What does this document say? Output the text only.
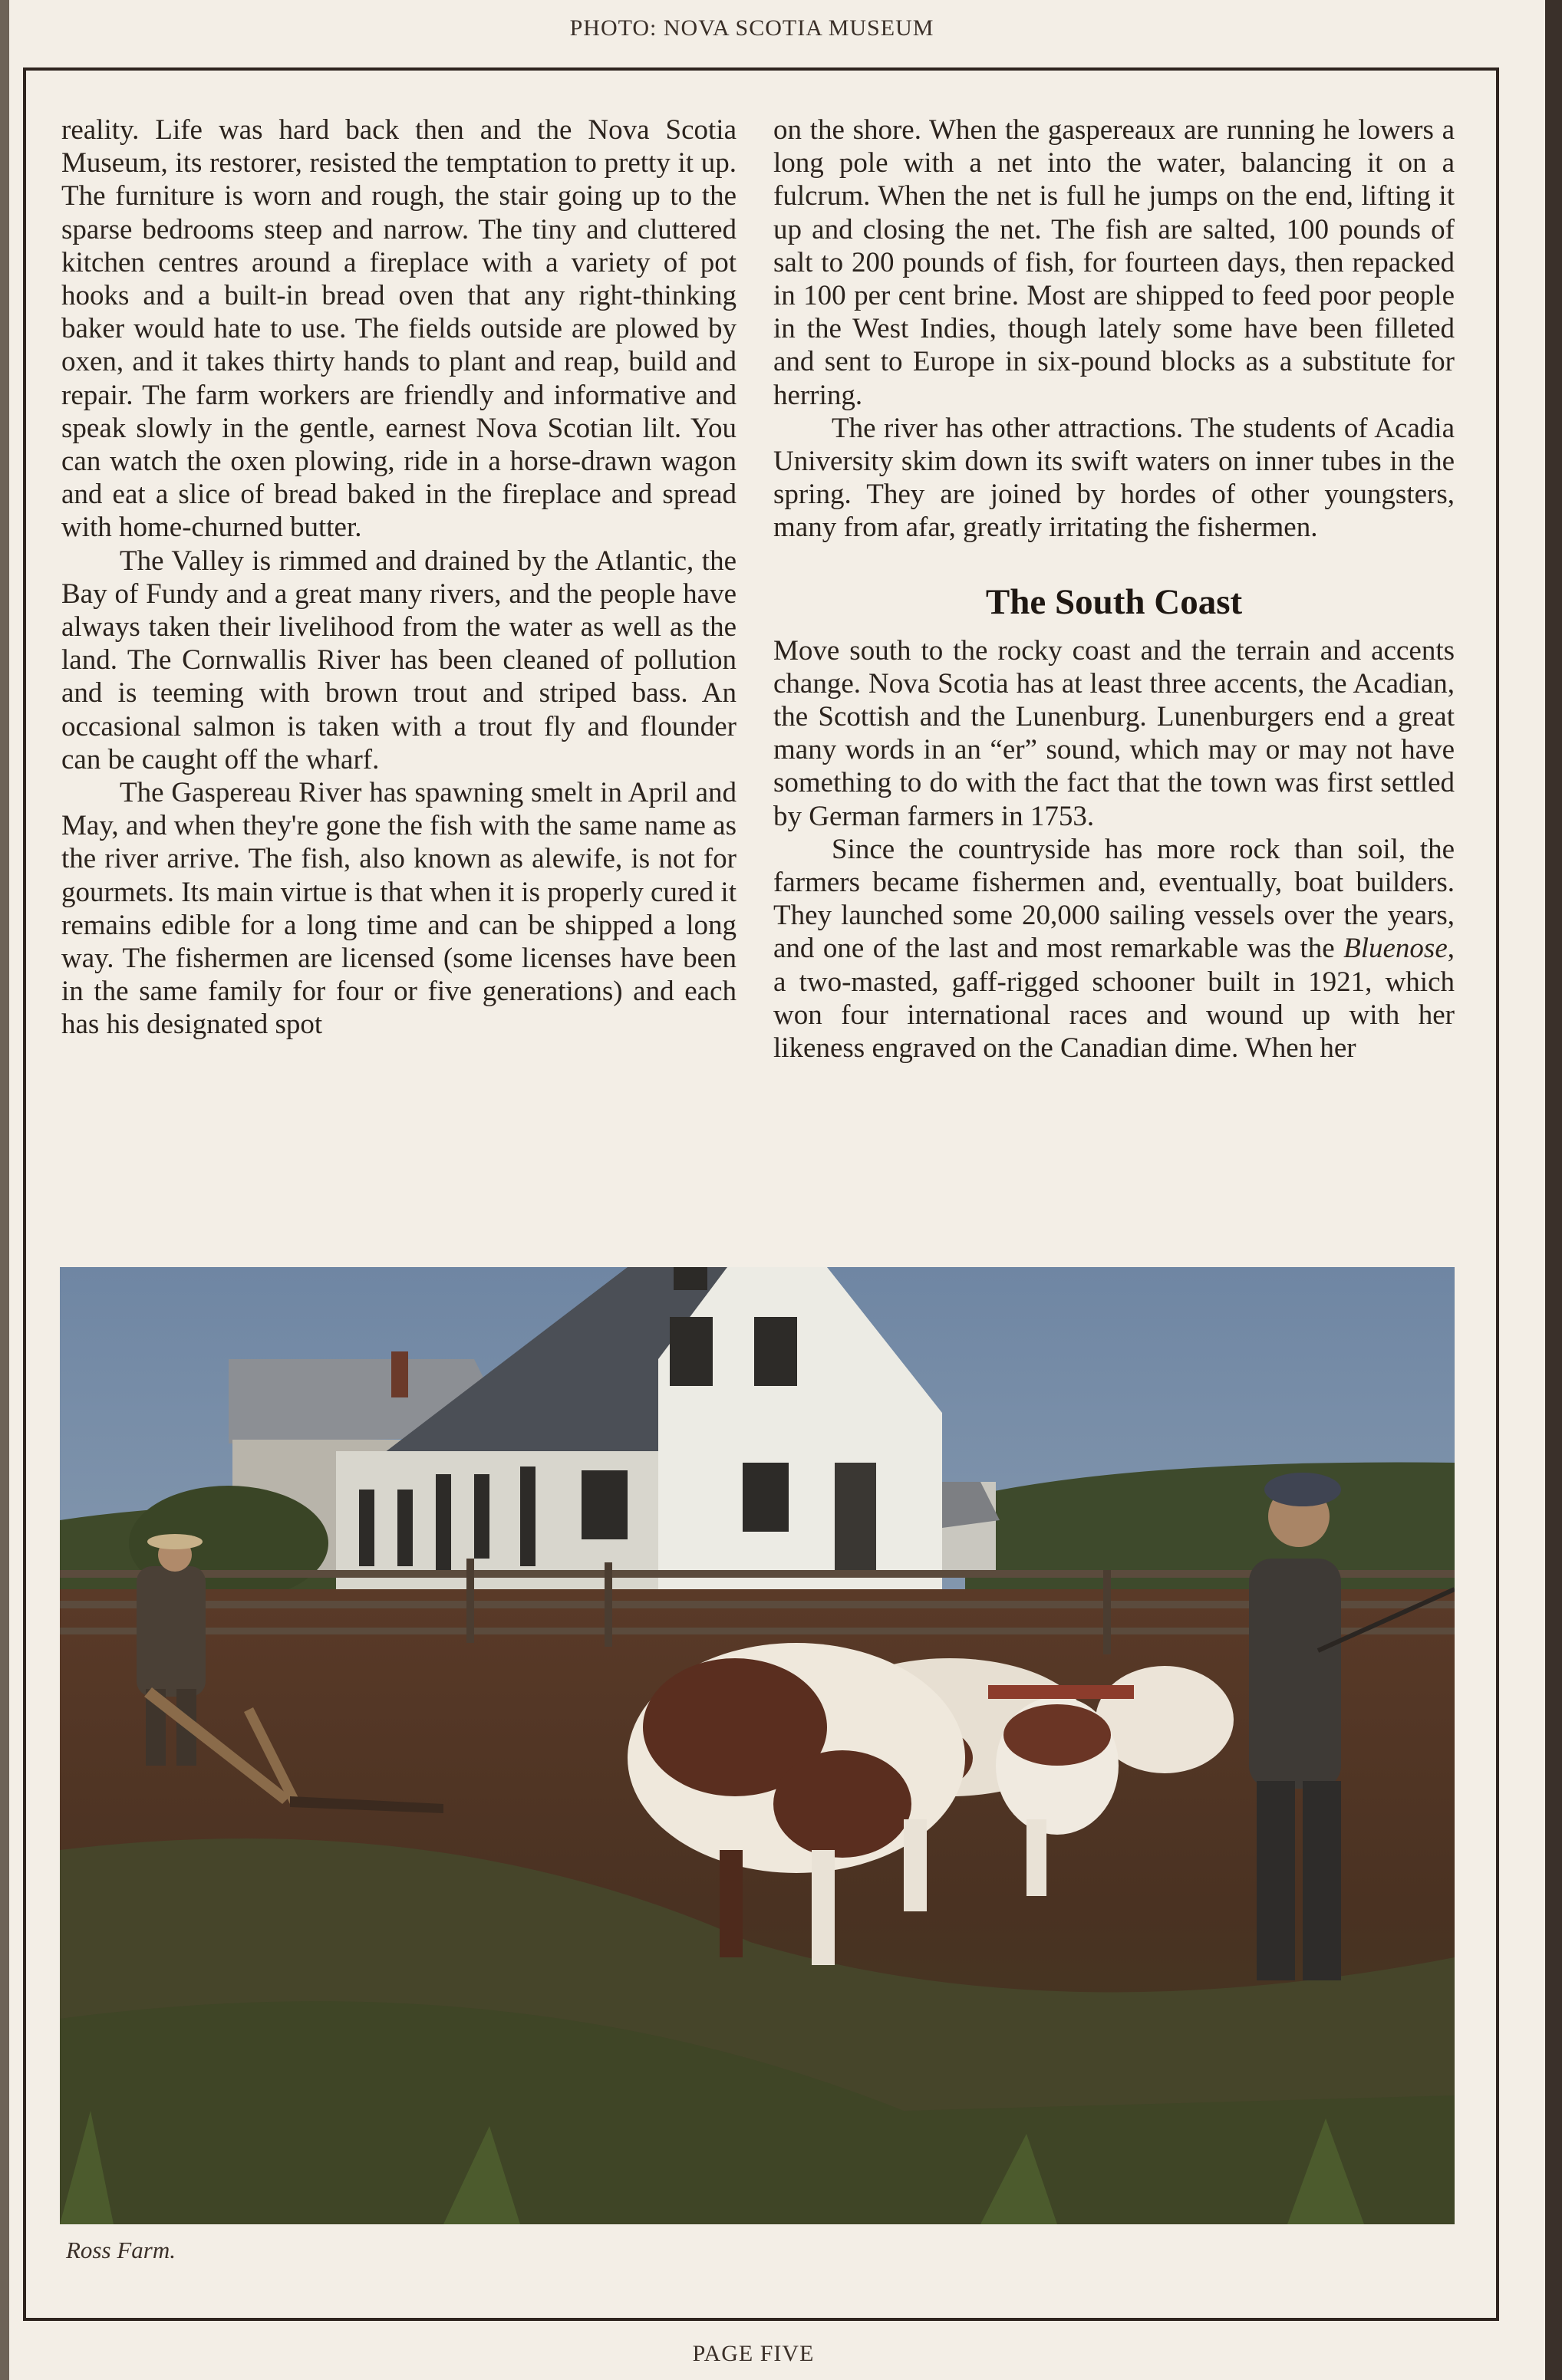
PHOTO: NOVA SCOTIA MUSEUM

reality. Life was hard back then and the Nova Scotia Museum, its restorer, resisted the temptation to pretty it up. The furniture is worn and rough, the stair going up to the sparse bedrooms steep and narrow. The tiny and cluttered kitchen centres around a fireplace with a variety of pot hooks and a built-in bread oven that any right-thinking baker would hate to use. The fields outside are plowed by oxen, and it takes thirty hands to plant and reap, build and repair. The farm workers are friendly and informative and speak slowly in the gentle, earnest Nova Scotian lilt. You can watch the oxen plowing, ride in a horse-drawn wagon and eat a slice of bread baked in the fireplace and spread with home-churned butter.

The Valley is rimmed and drained by the Atlantic, the Bay of Fundy and a great many rivers, and the people have always taken their livelihood from the water as well as the land. The Cornwallis River has been cleaned of pollution and is teeming with brown trout and striped bass. An occasional salmon is taken with a trout fly and flounder can be caught off the wharf.

The Gaspereau River has spawning smelt in April and May, and when they're gone the fish with the same name as the river arrive. The fish, also known as alewife, is not for gourmets. Its main virtue is that when it is properly cured it remains edible for a long time and can be shipped a long way. The fishermen are licensed (some licenses have been in the same family for four or five generations) and each has his designated spot

on the shore. When the gaspereaux are running he lowers a long pole with a net into the water, balancing it on a fulcrum. When the net is full he jumps on the end, lifting it up and closing the net. The fish are salted, 100 pounds of salt to 200 pounds of fish, for fourteen days, then repacked in 100 per cent brine. Most are shipped to feed poor people in the West Indies, though lately some have been filleted and sent to Europe in six-pound blocks as a substitute for herring.

The river has other attractions. The students of Acadia University skim down its swift waters on inner tubes in the spring. They are joined by hordes of other youngsters, many from afar, greatly irritating the fishermen.

The South Coast

Move south to the rocky coast and the terrain and accents change. Nova Scotia has at least three accents, the Acadian, the Scottish and the Lunenburg. Lunenburgers end a great many words in an “er” sound, which may or may not have something to do with the fact that the town was first settled by German farmers in 1753.

Since the countryside has more rock than soil, the farmers became fishermen and, eventually, boat builders. They launched some 20,000 sailing vessels over the years, and one of the last and most remarkable was the Bluenose, a two-masted, gaff-rigged schooner built in 1921, which won four international races and wound up with her likeness engraved on the Canadian dime. When her

Ross Farm.
PAGE FIVE
